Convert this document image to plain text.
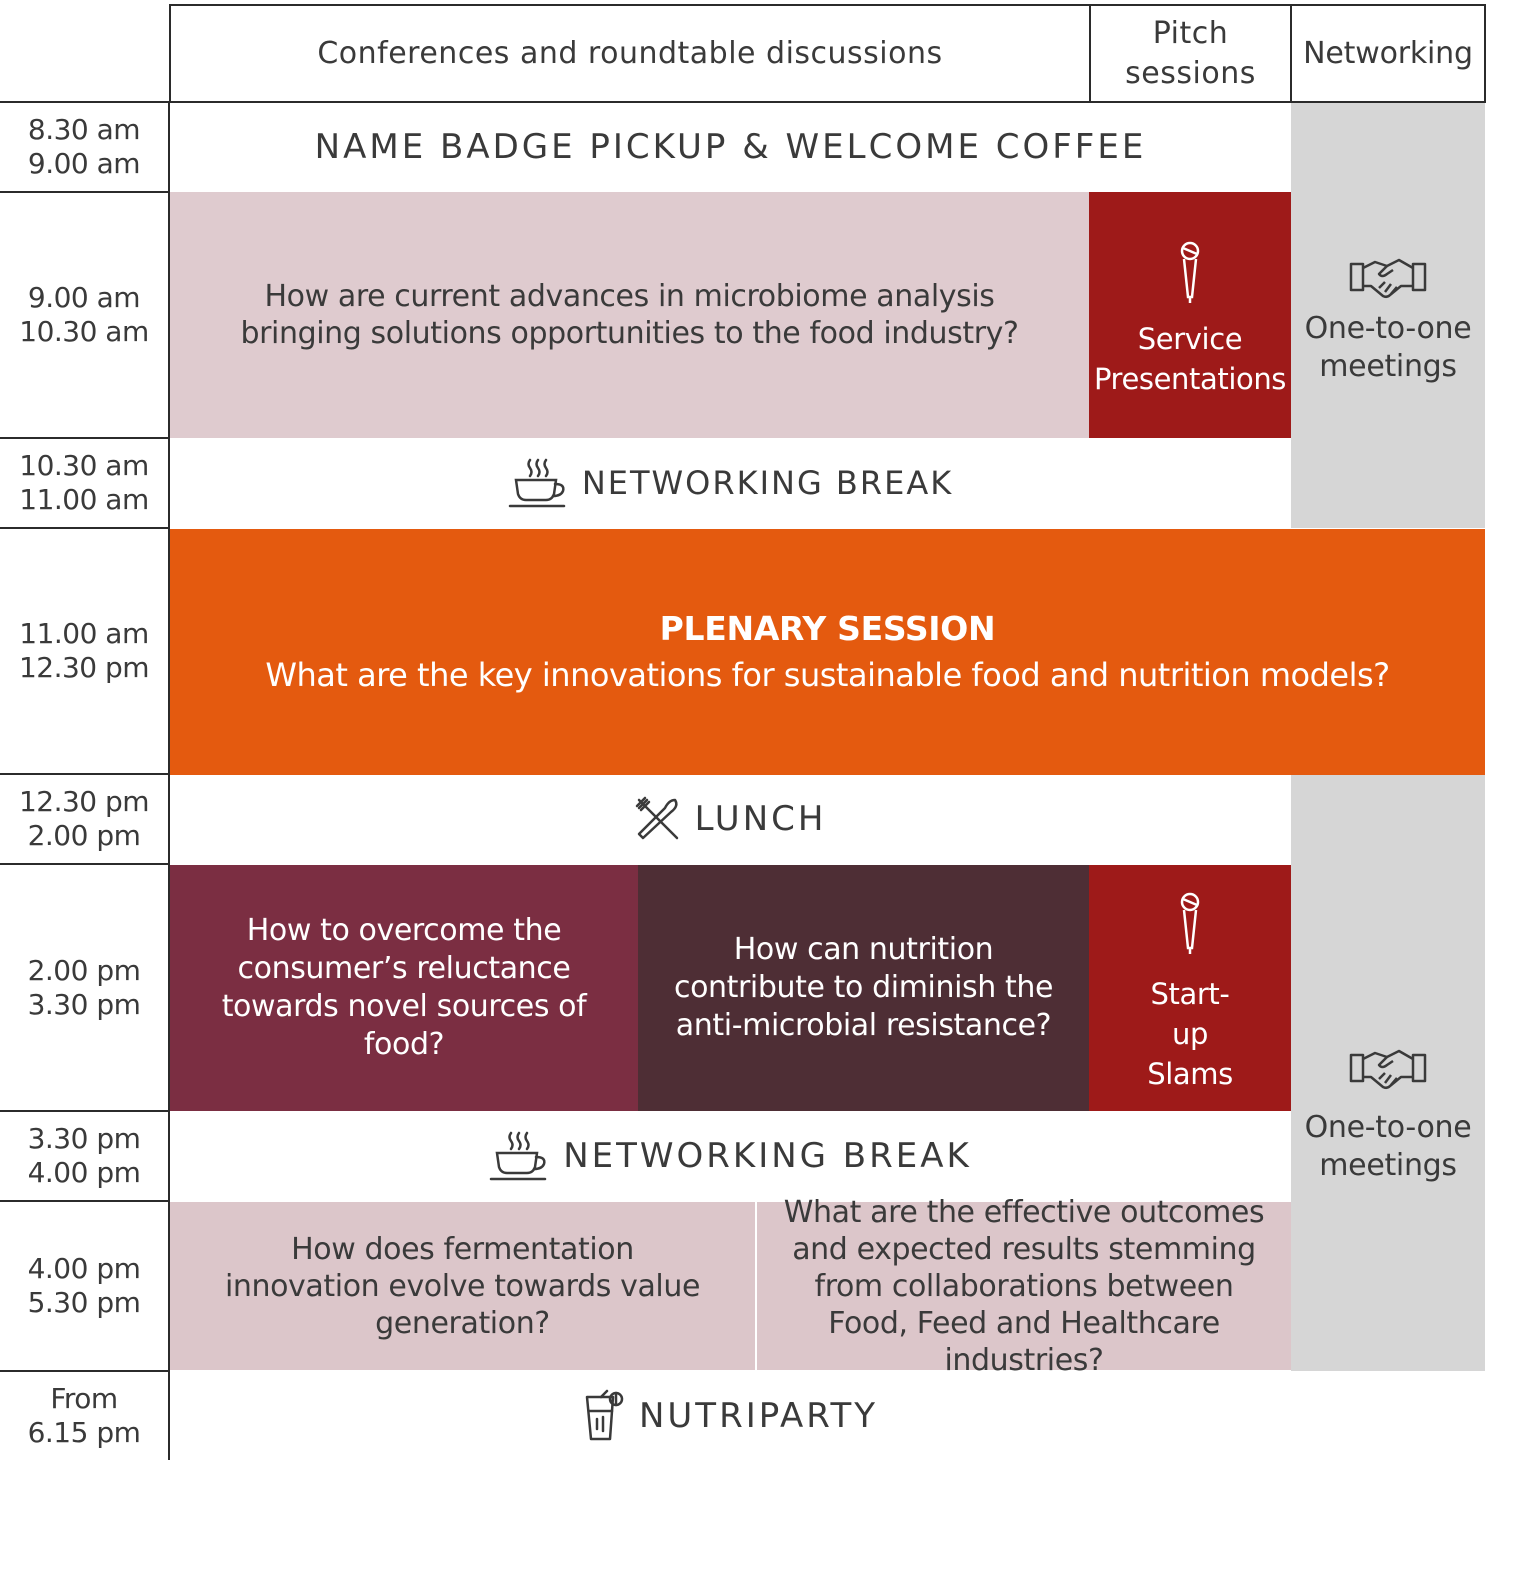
Conferences and roundtable discussions
Pitch sessions
Networking
8.30 am
9.00 am
9.00 am
10.30 am
10.30 am
11.00 am
11.00 am
12.30 pm
12.30 pm
2.00 pm
2.00 pm
3.30 pm
3.30 pm
4.00 pm
4.00 pm
5.30 pm
From
6.15 pm
NAME BADGE PICKUP & WELCOME COFFEE
How are current advances in microbiome analysis bringing solutions opportunities to the food industry?	Service Presentations
One-to-one meetings
NETWORKING BREAK
PLENARY SESSION
What are the key innovations for sustainable food and nutrition models?
LUNCH
How to overcome the consumer’s reluctance towards novel sources of food?
How can nutrition contribute to diminish the anti-microbial resistance?
Start-up Slams
One-to-one meetings
NETWORKING BREAK
How does fermentation innovation evolve towards value generation?
What are the effective outcomes and expected results stemming from collaborations between Food, Feed and Healthcare industries?
NUTRIPARTY
